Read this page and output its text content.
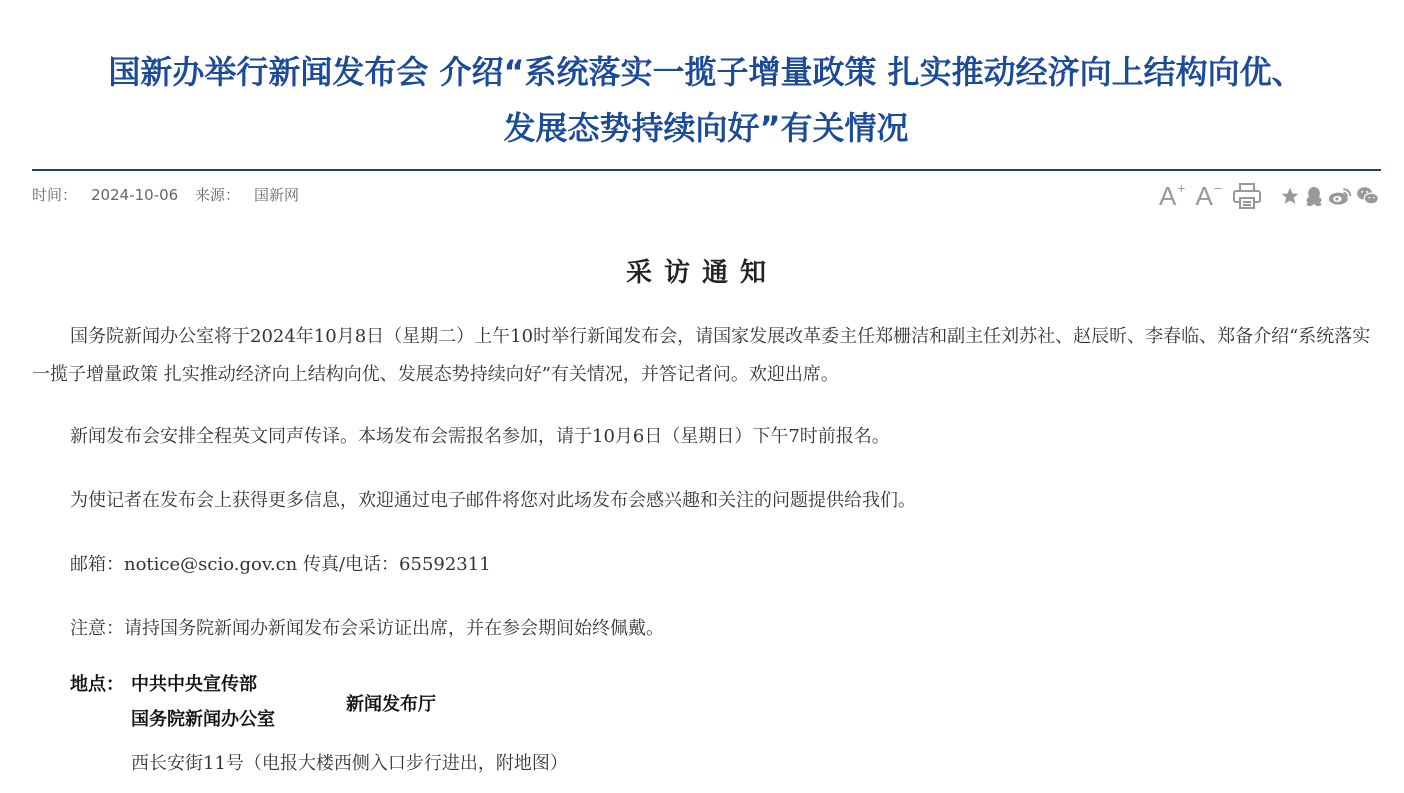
国新办举行新闻发布会 介绍“系统落实一揽子增量政策 扎实推动经济向上结构向优、
发展态势持续向好”有关情况
时间： 2024-10-06 来源： 国新网	A+ A−
采访通知

国务院新闻办公室将于2024年10月8日（星期二）上午10时举行新闻发布会，请国家发展改革委主任郑栅洁和副主任刘苏社、赵辰昕、李春临、郑备介绍“系统落实一揽子增量政策 扎实推动经济向上结构向优、发展态势持续向好”有关情况，并答记者问。欢迎出席。

新闻发布会安排全程英文同声传译。本场发布会需报名参加，请于10月6日（星期日）下午7时前报名。

为使记者在发布会上获得更多信息，欢迎通过电子邮件将您对此场发布会感兴趣和关注的问题提供给我们。

邮箱：notice@scio.gov.cn 传真/电话：65592311

注意：请持国务院新闻办新闻发布会采访证出席，并在参会期间始终佩戴。

地点： 中共中央宣传部
国务院新闻办公室
新闻发布厅
西长安街11号（电报大楼西侧入口步行进出，附地图）
